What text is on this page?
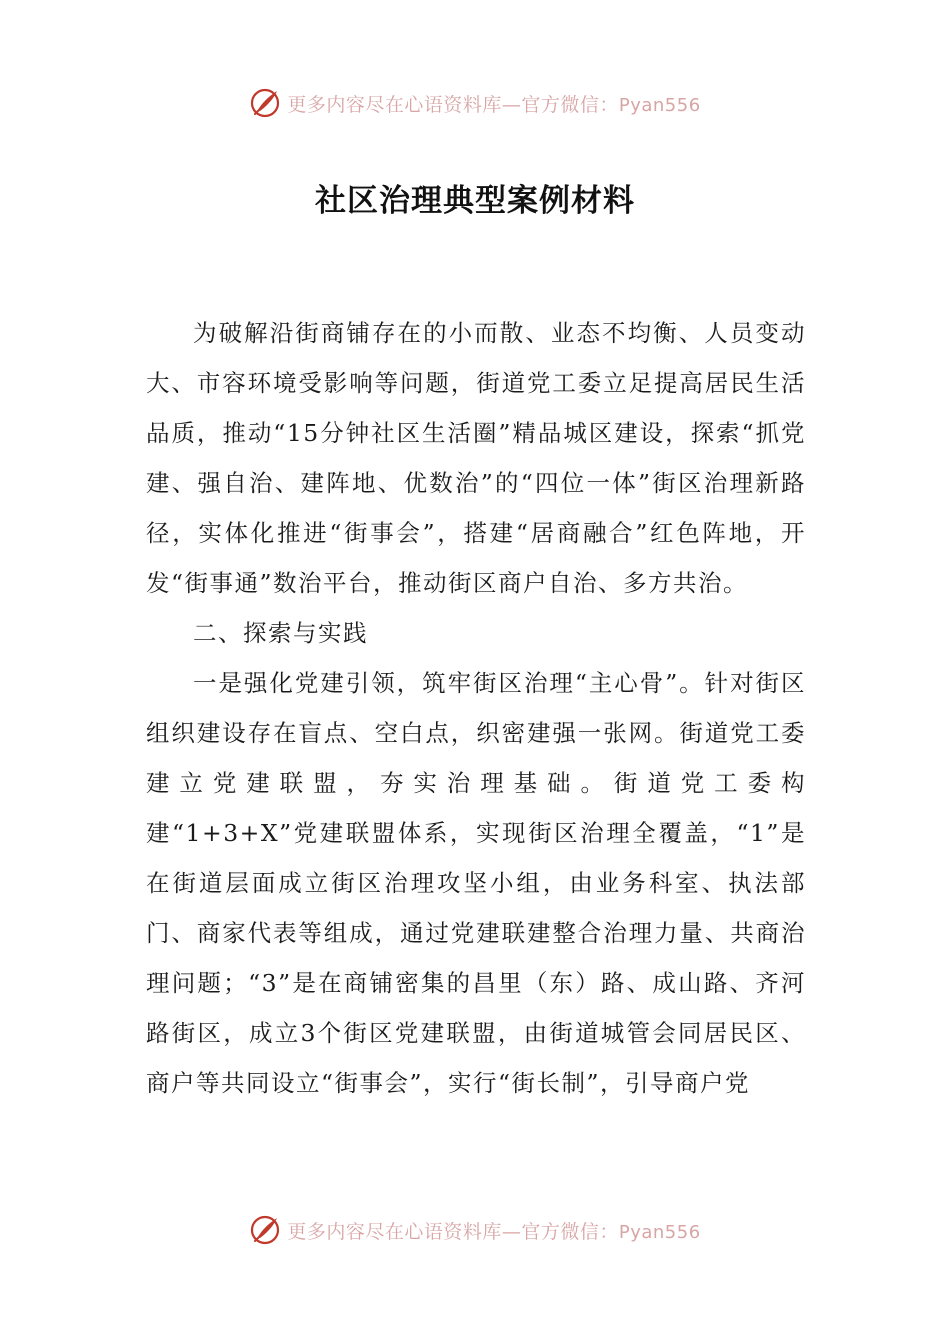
更多内容尽在心语资料库—官方微信：Pyan556
社区治理典型案例材料

为破解沿街商铺存在的小而散、业态不均衡、人员变动大、市容环境受影响等问题，街道党工委立足提高居民生活品质，推动“15分钟社区生活圈”精品城区建设，探索“抓党建、强自治、建阵地、优数治”的“四位一体”街区治理新路径，实体化推进“街事会”，搭建“居商融合”红色阵地，开发“街事通”数治平台，推动街区商户自治、多方共治。

二、探索与实践

一是强化党建引领，筑牢街区治理“主心骨”。针对街区组织建设存在盲点、空白点，织密建强一张网。街道党工委建立党建联盟，夯实治理基础。街道党工委构建“1+3+X”党建联盟体系，实现街区治理全覆盖，“1”是在街道层面成立街区治理攻坚小组，由业务科室、执法部门、商家代表等组成，通过党建联建整合治理力量、共商治理问题；“3”是在商铺密集的昌里（东）路、成山路、齐河路街区，成立3个街区党建联盟，由街道城管会同居民区、商户等共同设立“街事会”，实行“街长制”，引导商户党

更多内容尽在心语资料库—官方微信：Pyan556
